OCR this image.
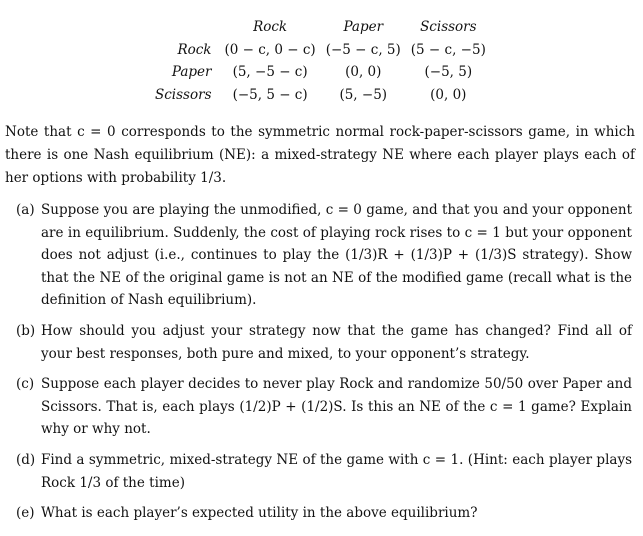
	Rock	Paper	Scissors
Rock	(0 − c, 0 − c)	(−5 − c, 5)	(5 − c, −5)
Paper	(5, −5 − c)	(0, 0)	(−5, 5)
Scissors	(−5, 5 − c)	(5, −5)	(0, 0)

Note that c = 0 corresponds to the symmetric normal rock-paper-scissors game, in which there is one Nash equilibrium (NE): a mixed-strategy NE where each player plays each of her options with probability 1/3.

(a) Suppose you are playing the unmodified, c = 0 game, and that you and your opponent are in equilibrium. Suddenly, the cost of playing rock rises to c = 1 but your opponent does not adjust (i.e., continues to play the (1/3)R + (1/3)P + (1/3)S strategy). Show that the NE of the original game is not an NE of the modified game (recall what is the definition of Nash equilibrium).
(b) How should you adjust your strategy now that the game has changed? Find all of your best responses, both pure and mixed, to your opponent’s strategy.
(c) Suppose each player decides to never play Rock and randomize 50/50 over Paper and Scissors. That is, each plays (1/2)P + (1/2)S. Is this an NE of the c = 1 game? Explain why or why not.
(d) Find a symmetric, mixed-strategy NE of the game with c = 1. (Hint: each player plays Rock 1/3 of the time)
(e) What is each player’s expected utility in the above equilibrium?
